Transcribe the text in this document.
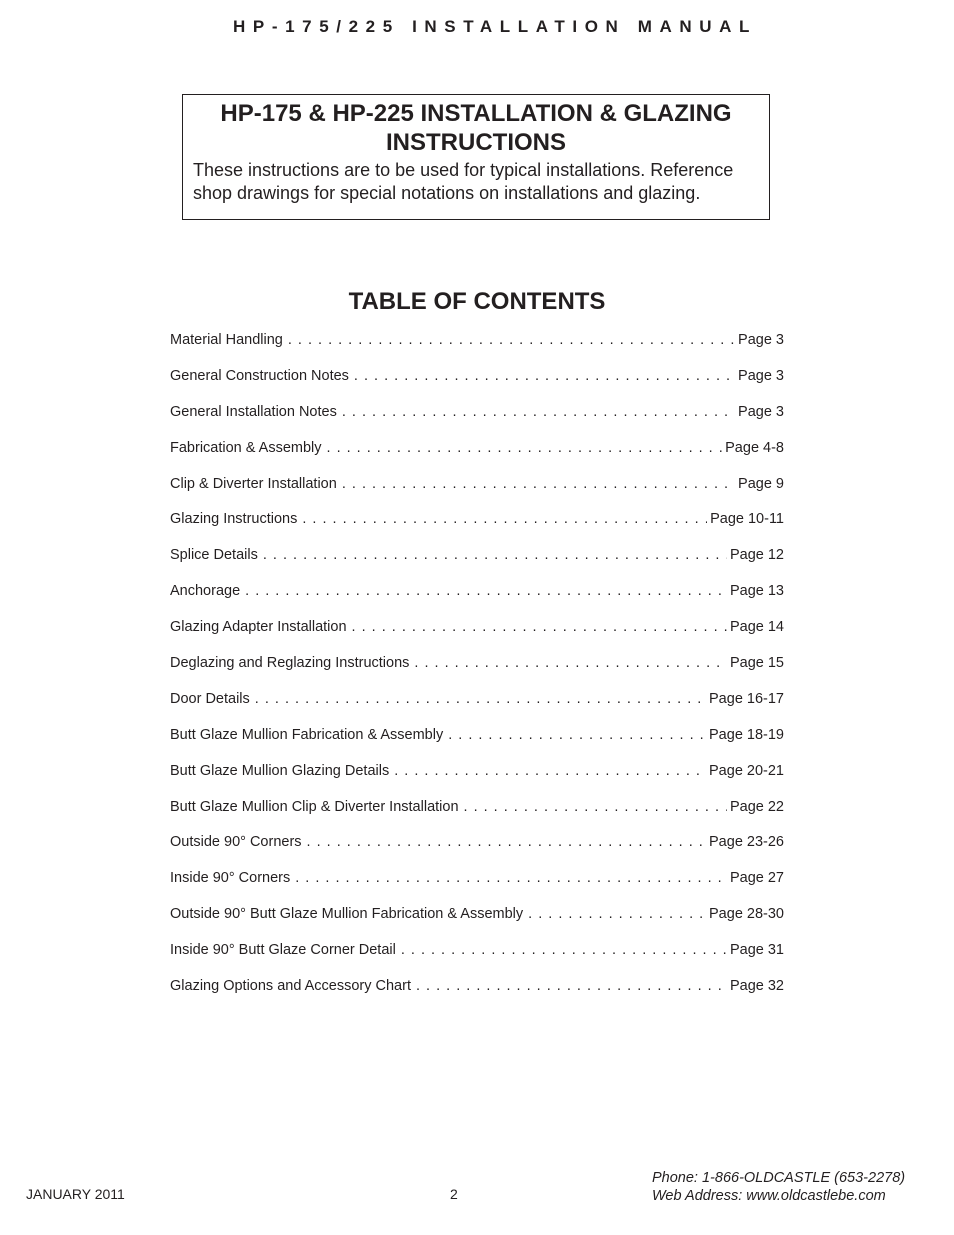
HP-175/225 INSTALLATION MANUAL
HP-175 & HP-225 INSTALLATION & GLAZING INSTRUCTIONS
These instructions are to be used for typical installations. Reference shop drawings for special notations on installations and glazing.
TABLE OF CONTENTS
Material Handling . . .	Page 3
General Construction Notes . . .	Page 3
General Installation Notes . . .	Page 3
Fabrication & Assembly . . .	Page 4-8
Clip & Diverter Installation . . .	Page 9
Glazing Instructions . . .	Page 10-11
Splice Details . . .	Page 12
Anchorage . . .	Page 13
Glazing Adapter Installation . . .	Page 14
Deglazing and Reglazing Instructions . . .	Page 15
Door Details . . .	Page 16-17
Butt Glaze Mullion Fabrication & Assembly . . .	Page 18-19
Butt Glaze Mullion Glazing Details . . .	Page 20-21
Butt Glaze Mullion Clip & Diverter Installation . . .	Page 22
Outside 90° Corners . . .	Page 23-26
Inside 90° Corners . . .	Page 27
Outside 90° Butt Glaze Mullion Fabrication & Assembly . . .	Page 28-30
Inside 90° Butt Glaze Corner Detail . . .	Page 31
Glazing Options and Accessory Chart . . .	Page 32
JANUARY 2011	2
Phone: 1-866-OLDCASTLE (653-2278)
Web Address: www.oldcastlebe.com
